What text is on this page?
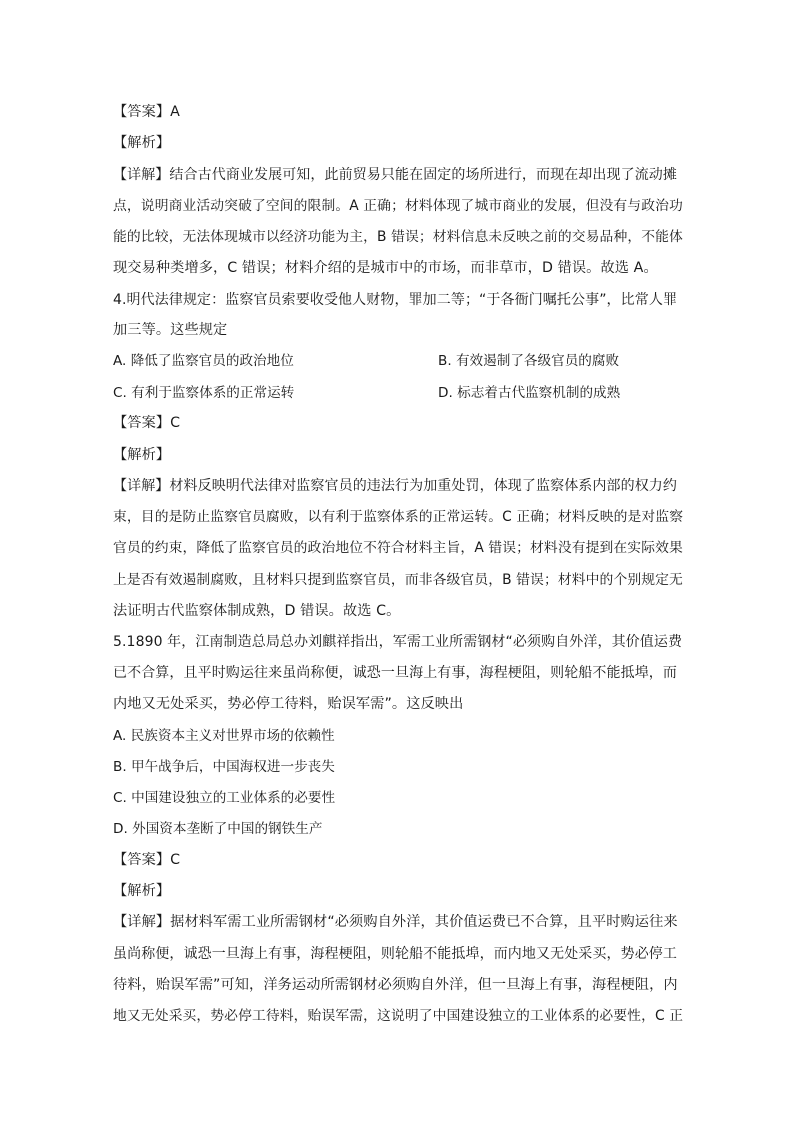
【答案】A
【解析】
【详解】结合古代商业发展可知，此前贸易只能在固定的场所进行，而现在却出现了流动摊
点，说明商业活动突破了空间的限制。A 正确；材料体现了城市商业的发展，但没有与政治功
能的比较，无法体现城市以经济功能为主，B 错误；材料信息未反映之前的交易品种，不能体
现交易种类增多，C 错误；材料介绍的是城市中的市场，而非草市，D 错误。故选 A。
4.明代法律规定：监察官员索要收受他人财物，罪加二等；“于各衙门嘱托公事”，比常人罪
加三等。这些规定
A. 降低了监察官员的政治地位	B. 有效遏制了各级官员的腐败
C. 有利于监察体系的正常运转	D. 标志着古代监察机制的成熟
【答案】C
【解析】
【详解】材料反映明代法律对监察官员的违法行为加重处罚，体现了监察体系内部的权力约
束，目的是防止监察官员腐败，以有利于监察体系的正常运转。C 正确；材料反映的是对监察
官员的约束，降低了监察官员的政治地位不符合材料主旨，A 错误；材料没有提到在实际效果
上是否有效遏制腐败，且材料只提到监察官员，而非各级官员，B 错误；材料中的个别规定无
法证明古代监察体制成熟，D 错误。故选 C。
5.1890 年，江南制造总局总办刘麒祥指出，军需工业所需钢材“必须购自外洋，其价值运费
已不合算，且平时购运往来虽尚称便，诚恐一旦海上有事，海程梗阻，则轮船不能抵埠，而
内地又无处采买，势必停工待料，贻误军需”。这反映出
A. 民族资本主义对世界市场的依赖性
B. 甲午战争后，中国海权进一步丧失
C. 中国建设独立的工业体系的必要性
D. 外国资本垄断了中国的钢铁生产
【答案】C
【解析】
【详解】据材料军需工业所需钢材“必须购自外洋，其价值运费已不合算，且平时购运往来
虽尚称便，诚恐一旦海上有事，海程梗阻，则轮船不能抵埠，而内地又无处采买，势必停工
待料，贻误军需”可知，洋务运动所需钢材必须购自外洋，但一旦海上有事，海程梗阻，内
地又无处采买，势必停工待料，贻误军需，这说明了中国建设独立的工业体系的必要性，C 正
